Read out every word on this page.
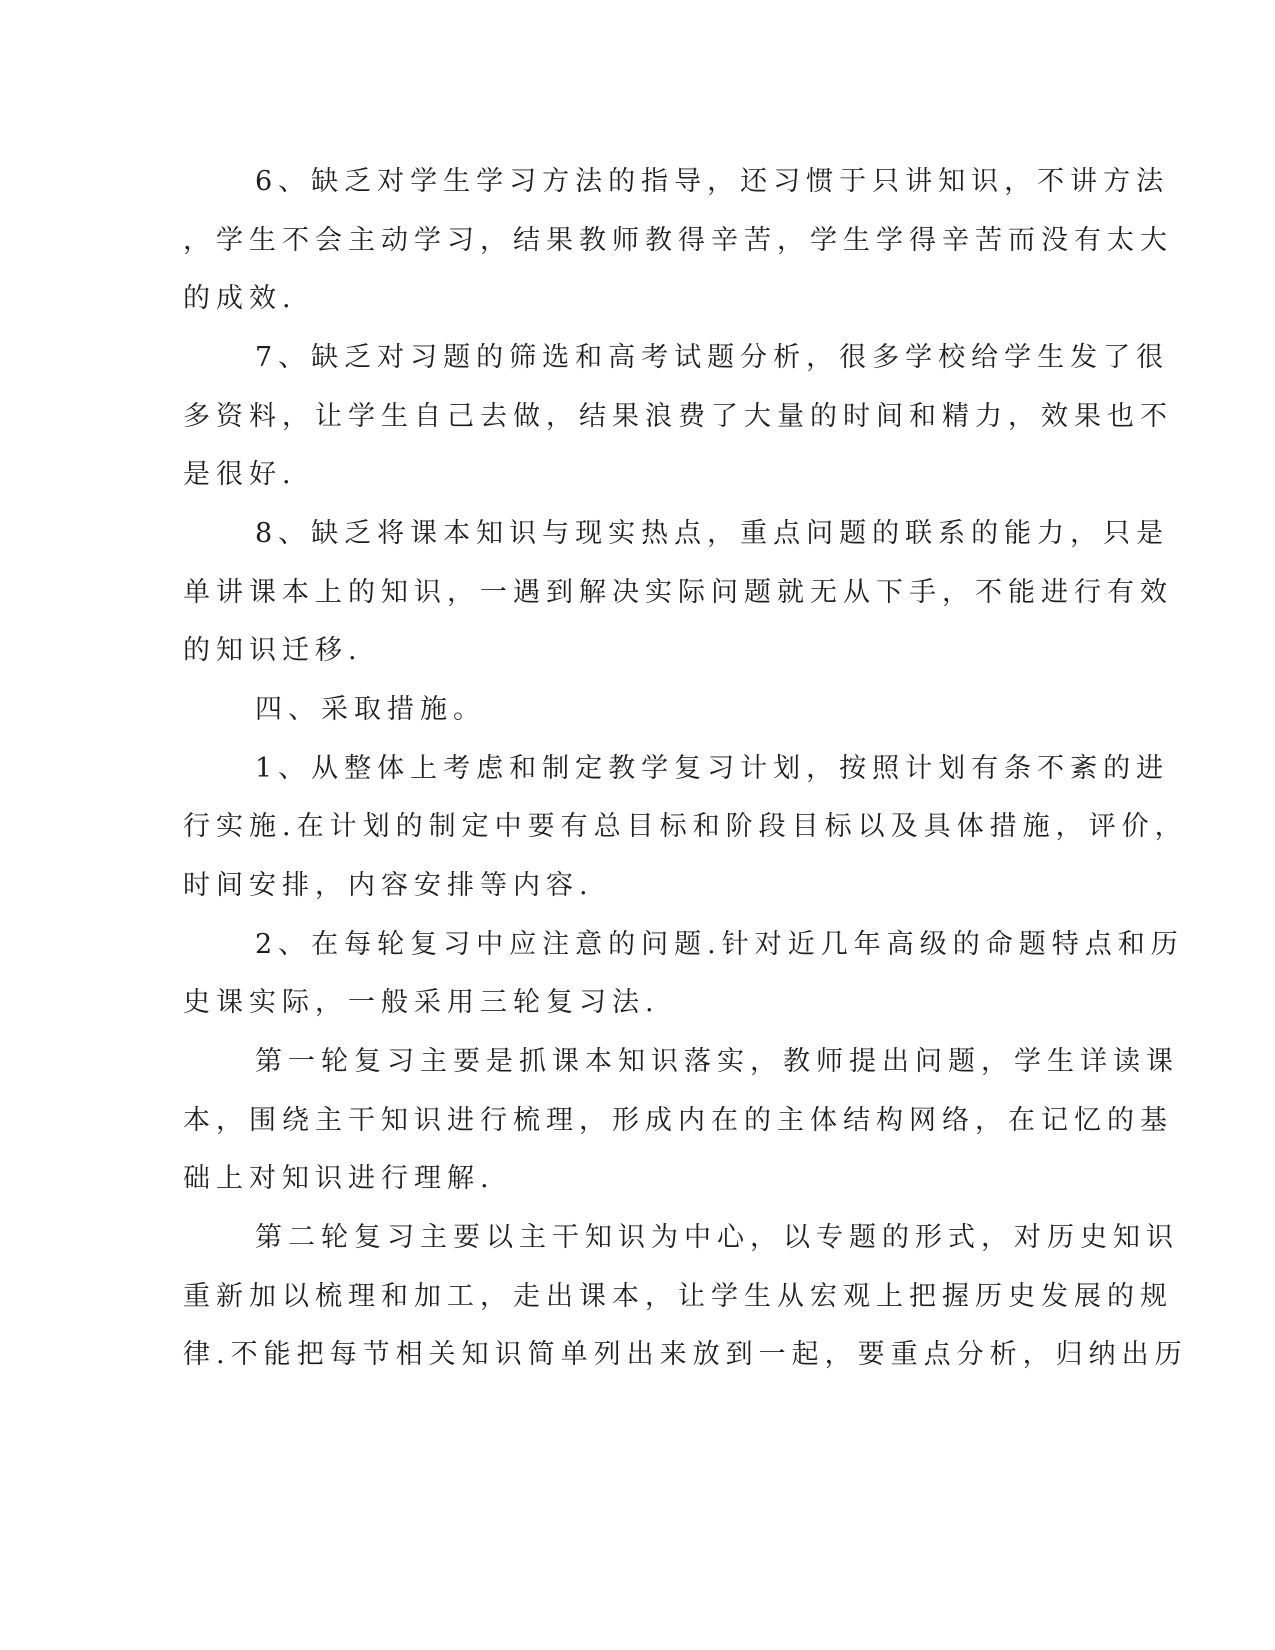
6、缺乏对学生学习方法的指导，还习惯于只讲知识，不讲方法
，学生不会主动学习，结果教师教得辛苦，学生学得辛苦而没有太大
的成效.
7、缺乏对习题的筛选和高考试题分析，很多学校给学生发了很
多资料，让学生自己去做，结果浪费了大量的时间和精力，效果也不
是很好.
8、缺乏将课本知识与现实热点，重点问题的联系的能力，只是
单讲课本上的知识，一遇到解决实际问题就无从下手，不能进行有效
的知识迁移.
四、采取措施。
1、从整体上考虑和制定教学复习计划，按照计划有条不紊的进
行实施.在计划的制定中要有总目标和阶段目标以及具体措施，评价，
时间安排，内容安排等内容.
2、在每轮复习中应注意的问题.针对近几年高级的命题特点和历
史课实际，一般采用三轮复习法.
第一轮复习主要是抓课本知识落实，教师提出问题，学生详读课
本，围绕主干知识进行梳理，形成内在的主体结构网络，在记忆的基
础上对知识进行理解.
第二轮复习主要以主干知识为中心，以专题的形式，对历史知识
重新加以梳理和加工，走出课本，让学生从宏观上把握历史发展的规
律.不能把每节相关知识简单列出来放到一起，要重点分析，归纳出历
